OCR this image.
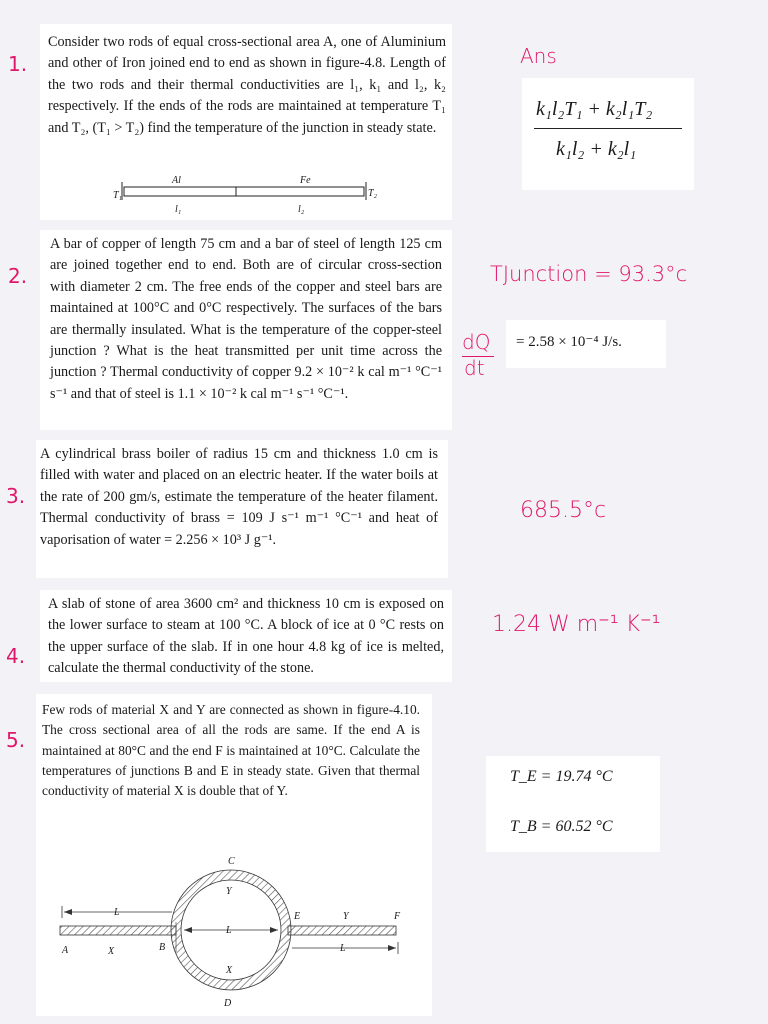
Consider two rods of equal cross-sectional area A, one of Aluminium and other of Iron joined end to end as shown in figure-4.8. Length of the two rods and their thermal conductivities are l₁, k₁ and l₂, k₂ respectively. If the ends of the rods are maintained at temperature T₁ and T₂, (T₁ > T₂) find the temperature of the junction in steady state.
Al	Fe
T₁	T₂
l₁	l₂
1.	Ans
k₁l₂T₁ + k₂l₁T₂
k₁l₂ + k₂l₁
A bar of copper of length 75 cm and a bar of steel of length 125 cm are joined together end to end. Both are of circular cross-section with diameter 2 cm. The free ends of the copper and steel bars are maintained at 100°C and 0°C respectively. The surfaces of the bars are thermally insulated. What is the temperature of the copper-steel junction ? What is the heat transmitted per unit time across the junction ? Thermal conductivity of copper 9.2 × 10⁻² k cal m⁻¹ °C⁻¹ s⁻¹ and that of steel is 1.1 × 10⁻² k cal m⁻¹ s⁻¹ °C⁻¹.
2.	TJunction = 93.3°c
dQ
dt
= 2.58 × 10⁻⁴ J/s.
A cylindrical brass boiler of radius 15 cm and thickness 1.0 cm is filled with water and placed on an electric heater. If the water boils at the rate of 200 gm/s, estimate the temperature of the heater filament. Thermal conductivity of brass = 109 J s⁻¹ m⁻¹ °C⁻¹ and heat of vaporisation of water = 2.256 × 10³ J g⁻¹.
3.
685.5°c
A slab of stone of area 3600 cm² and thickness 10 cm is exposed on the lower surface to steam at 100 °C. A block of ice at 0 °C rests on the upper surface of the slab. If in one hour 4.8 kg of ice is melted, calculate the thermal conductivity of the stone.
4.
1.24 W m⁻¹ K⁻¹
Few rods of material X and Y are connected as shown in figure-4.10. The cross sectional area of all the rods are same. If the end A is maintained at 80°C and the end F is maintained at 10°C. Calculate the temperatures of junctions B and E in steady state. Given that thermal conductivity of material X is double that of Y.
5.
T_E = 19.74 °C
T_B = 60.52 °C
C
Y
L
L
E	Y	F
A	X	B	L
X
D
